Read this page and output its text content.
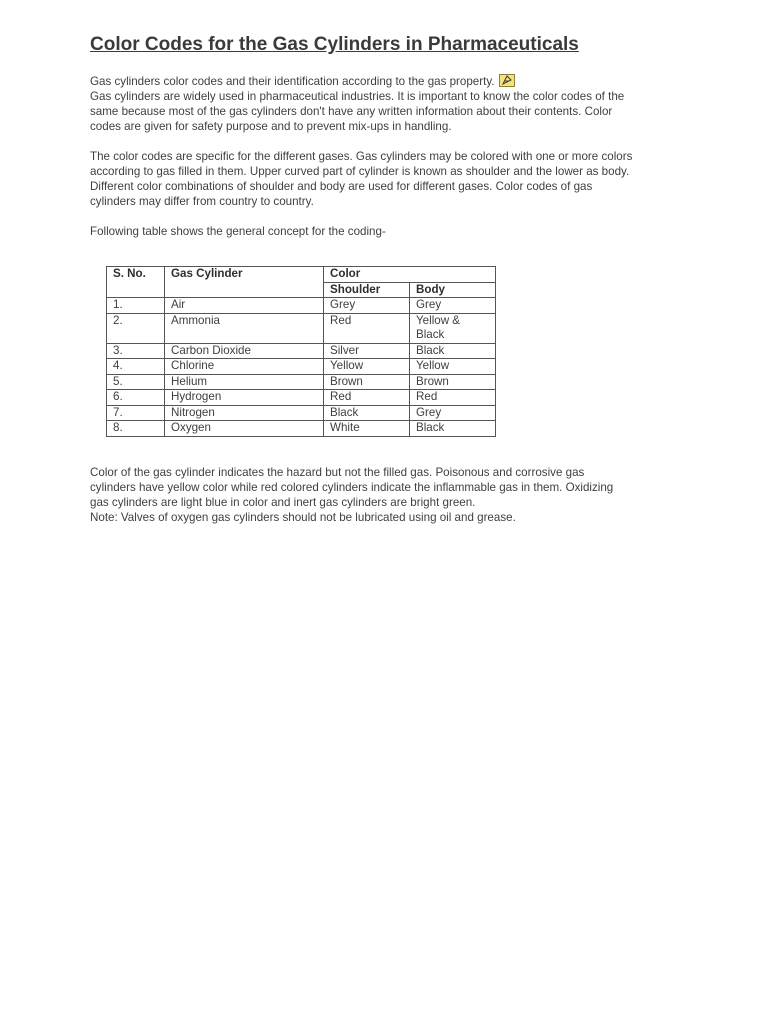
Color Codes for the Gas Cylinders in Pharmaceuticals

Gas cylinders color codes and their identification according to the gas property.

Gas cylinders are widely used in pharmaceutical industries. It is important to know the color codes of the
same because most of the gas cylinders don't have any written information about their contents. Color
codes are given for safety purpose and to prevent mix-ups in handling.

The color codes are specific for the different gases. Gas cylinders may be colored with one or more colors
according to gas filled in them. Upper curved part of cylinder is known as shoulder and the lower as body.
Different color combinations of shoulder and body are used for different gases. Color codes of gas
cylinders may differ from country to country.

Following table shows the general concept for the coding-

S. No.	Gas Cylinder	Color	
		Shoulder	Body
1.	Air	Grey	Grey
2.	Ammonia	Red	Yellow & Black

3.	Carbon Dioxide	Silver	Black
4.	Chlorine	Yellow	Yellow
5.	Helium	Brown	Brown
6.	Hydrogen	Red	Red
7.	Nitrogen	Black	Grey
8.	Oxygen	White	Black

Color of the gas cylinder indicates the hazard but not the filled gas. Poisonous and corrosive gas
cylinders have yellow color while red colored cylinders indicate the inflammable gas in them. Oxidizing
gas cylinders are light blue in color and inert gas cylinders are bright green.
Note: Valves of oxygen gas cylinders should not be lubricated using oil and grease.
